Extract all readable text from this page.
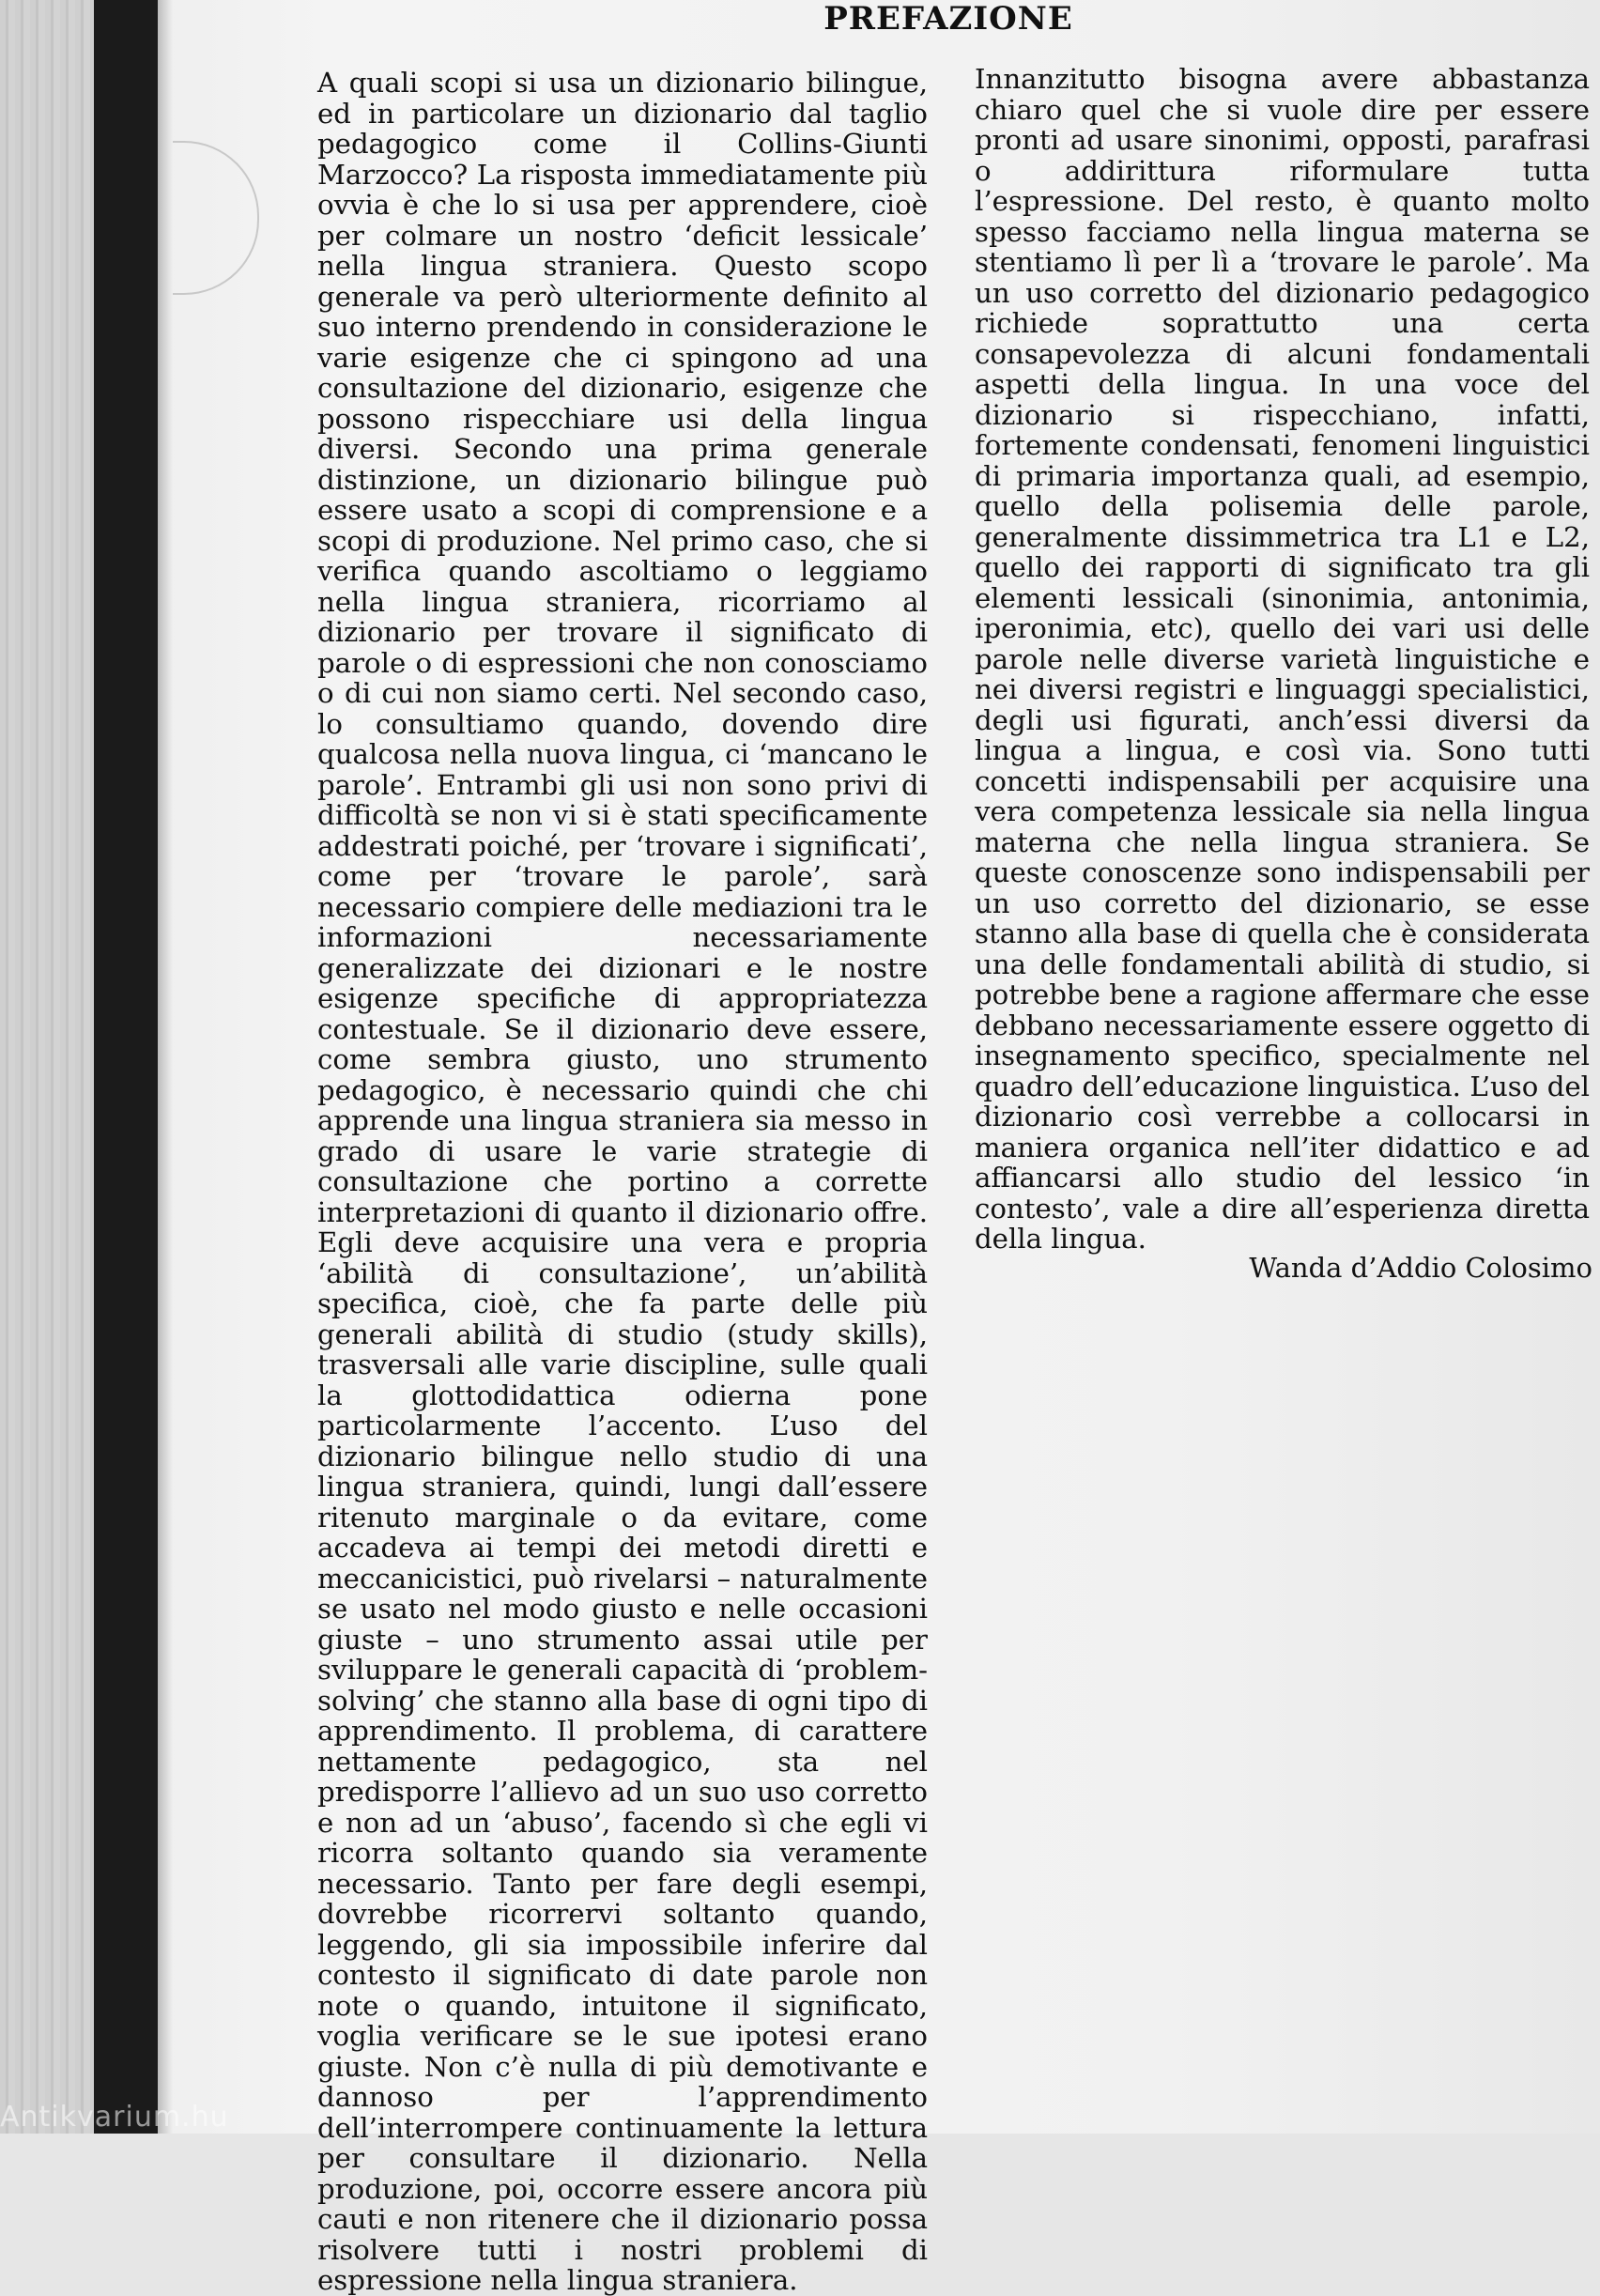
PREFAZIONE

A quali scopi si usa un dizionario bilingue, ed in particolare un dizionario dal taglio pedagogico come il Collins-Giunti Marzocco? La risposta immediatamente più ovvia è che lo si usa per apprendere, cioè per colmare un nostro ‘deficit lessicale’ nella lingua straniera. Questo scopo generale va però ulteriormente definito al suo interno prendendo in considerazione le varie esigenze che ci spingono ad una consultazione del dizionario, esigenze che possono rispecchiare usi della lingua diversi. Secondo una prima generale distinzione, un dizionario bilingue può essere usato a scopi di comprensione e a scopi di produzione. Nel primo caso, che si verifica quando ascoltiamo o leggiamo nella lingua straniera, ricorriamo al dizionario per trovare il significato di parole o di espressioni che non conosciamo o di cui non siamo certi. Nel secondo caso, lo consultiamo quando, dovendo dire qualcosa nella nuova lingua, ci ‘mancano le parole’. Entrambi gli usi non sono privi di difficoltà se non vi si è stati specificamente addestrati poiché, per ‘trovare i significati’, come per ‘trovare le parole’, sarà necessario compiere delle mediazioni tra le informazioni necessariamente generalizzate dei dizionari e le nostre esigenze specifiche di appropriatezza contestuale. Se il dizionario deve essere, come sembra giusto, uno strumento pedagogico, è necessario quindi che chi apprende una lingua straniera sia messo in grado di usare le varie strategie di consultazione che portino a corrette interpretazioni di quanto il dizionario offre. Egli deve acquisire una vera e propria ‘abilità di consultazione’, un’abilità specifica, cioè, che fa parte delle più generali abilità di studio (study skills), trasversali alle varie discipline, sulle quali la glottodidattica odierna pone particolarmente l’accento. L’uso del dizionario bilingue nello studio di una lingua straniera, quindi, lungi dall’essere ritenuto marginale o da evitare, come accadeva ai tempi dei metodi diretti e meccanicistici, può rivelarsi – naturalmente se usato nel modo giusto e nelle occasioni giuste – uno strumento assai utile per sviluppare le generali capacità di ‘problem-solving’ che stanno alla base di ogni tipo di apprendimento. Il problema, di carattere nettamente pedagogico, sta nel predisporre l’allievo ad un suo uso corretto e non ad un ‘abuso’, facendo sì che egli vi ricorra soltanto quando sia veramente necessario. Tanto per fare degli esempi, dovrebbe ricorrervi soltanto quando, leggendo, gli sia impossibile inferire dal contesto il significato di date parole non note o quando, intuitone il significato, voglia verificare se le sue ipotesi erano giuste. Non c’è nulla di più demotivante e dannoso per l’apprendimento dell’interrompere continuamente la lettura per consultare il dizionario. Nella produzione, poi, occorre essere ancora più cauti e non ritenere che il dizionario possa risolvere tutti i nostri problemi di espressione nella lingua straniera.

Innanzitutto bisogna avere abbastanza chiaro quel che si vuole dire per essere pronti ad usare sinonimi, opposti, parafrasi o addirittura riformulare tutta l’espressione. Del resto, è quanto molto spesso facciamo nella lingua materna se stentiamo lì per lì a ‘trovare le parole’. Ma un uso corretto del dizionario pedagogico richiede soprattutto una certa consapevolezza di alcuni fondamentali aspetti della lingua. In una voce del dizionario si rispecchiano, infatti, fortemente condensati, fenomeni linguistici di primaria importanza quali, ad esempio, quello della polisemia delle parole, generalmente dissimmetrica tra L1 e L2, quello dei rapporti di significato tra gli elementi lessicali (sinonimia, antonimia, iperonimia, etc), quello dei vari usi delle parole nelle diverse varietà linguistiche e nei diversi registri e linguaggi specialistici, degli usi figurati, anch’essi diversi da lingua a lingua, e così via. Sono tutti concetti indispensabili per acquisire una vera competenza lessicale sia nella lingua materna che nella lingua straniera. Se queste conoscenze sono indispensabili per un uso corretto del dizionario, se esse stanno alla base di quella che è considerata una delle fondamentali abilità di studio, si potrebbe bene a ragione affermare che esse debbano necessariamente essere oggetto di insegnamento specifico, specialmente nel quadro dell’educazione linguistica. L’uso del dizionario così verrebbe a collocarsi in maniera organica nell’iter didattico e ad affiancarsi allo studio del lessico ‘in contesto’, vale a dire all’esperienza diretta della lingua.

Wanda d’Addio Colosimo
Antikvarium.hu
